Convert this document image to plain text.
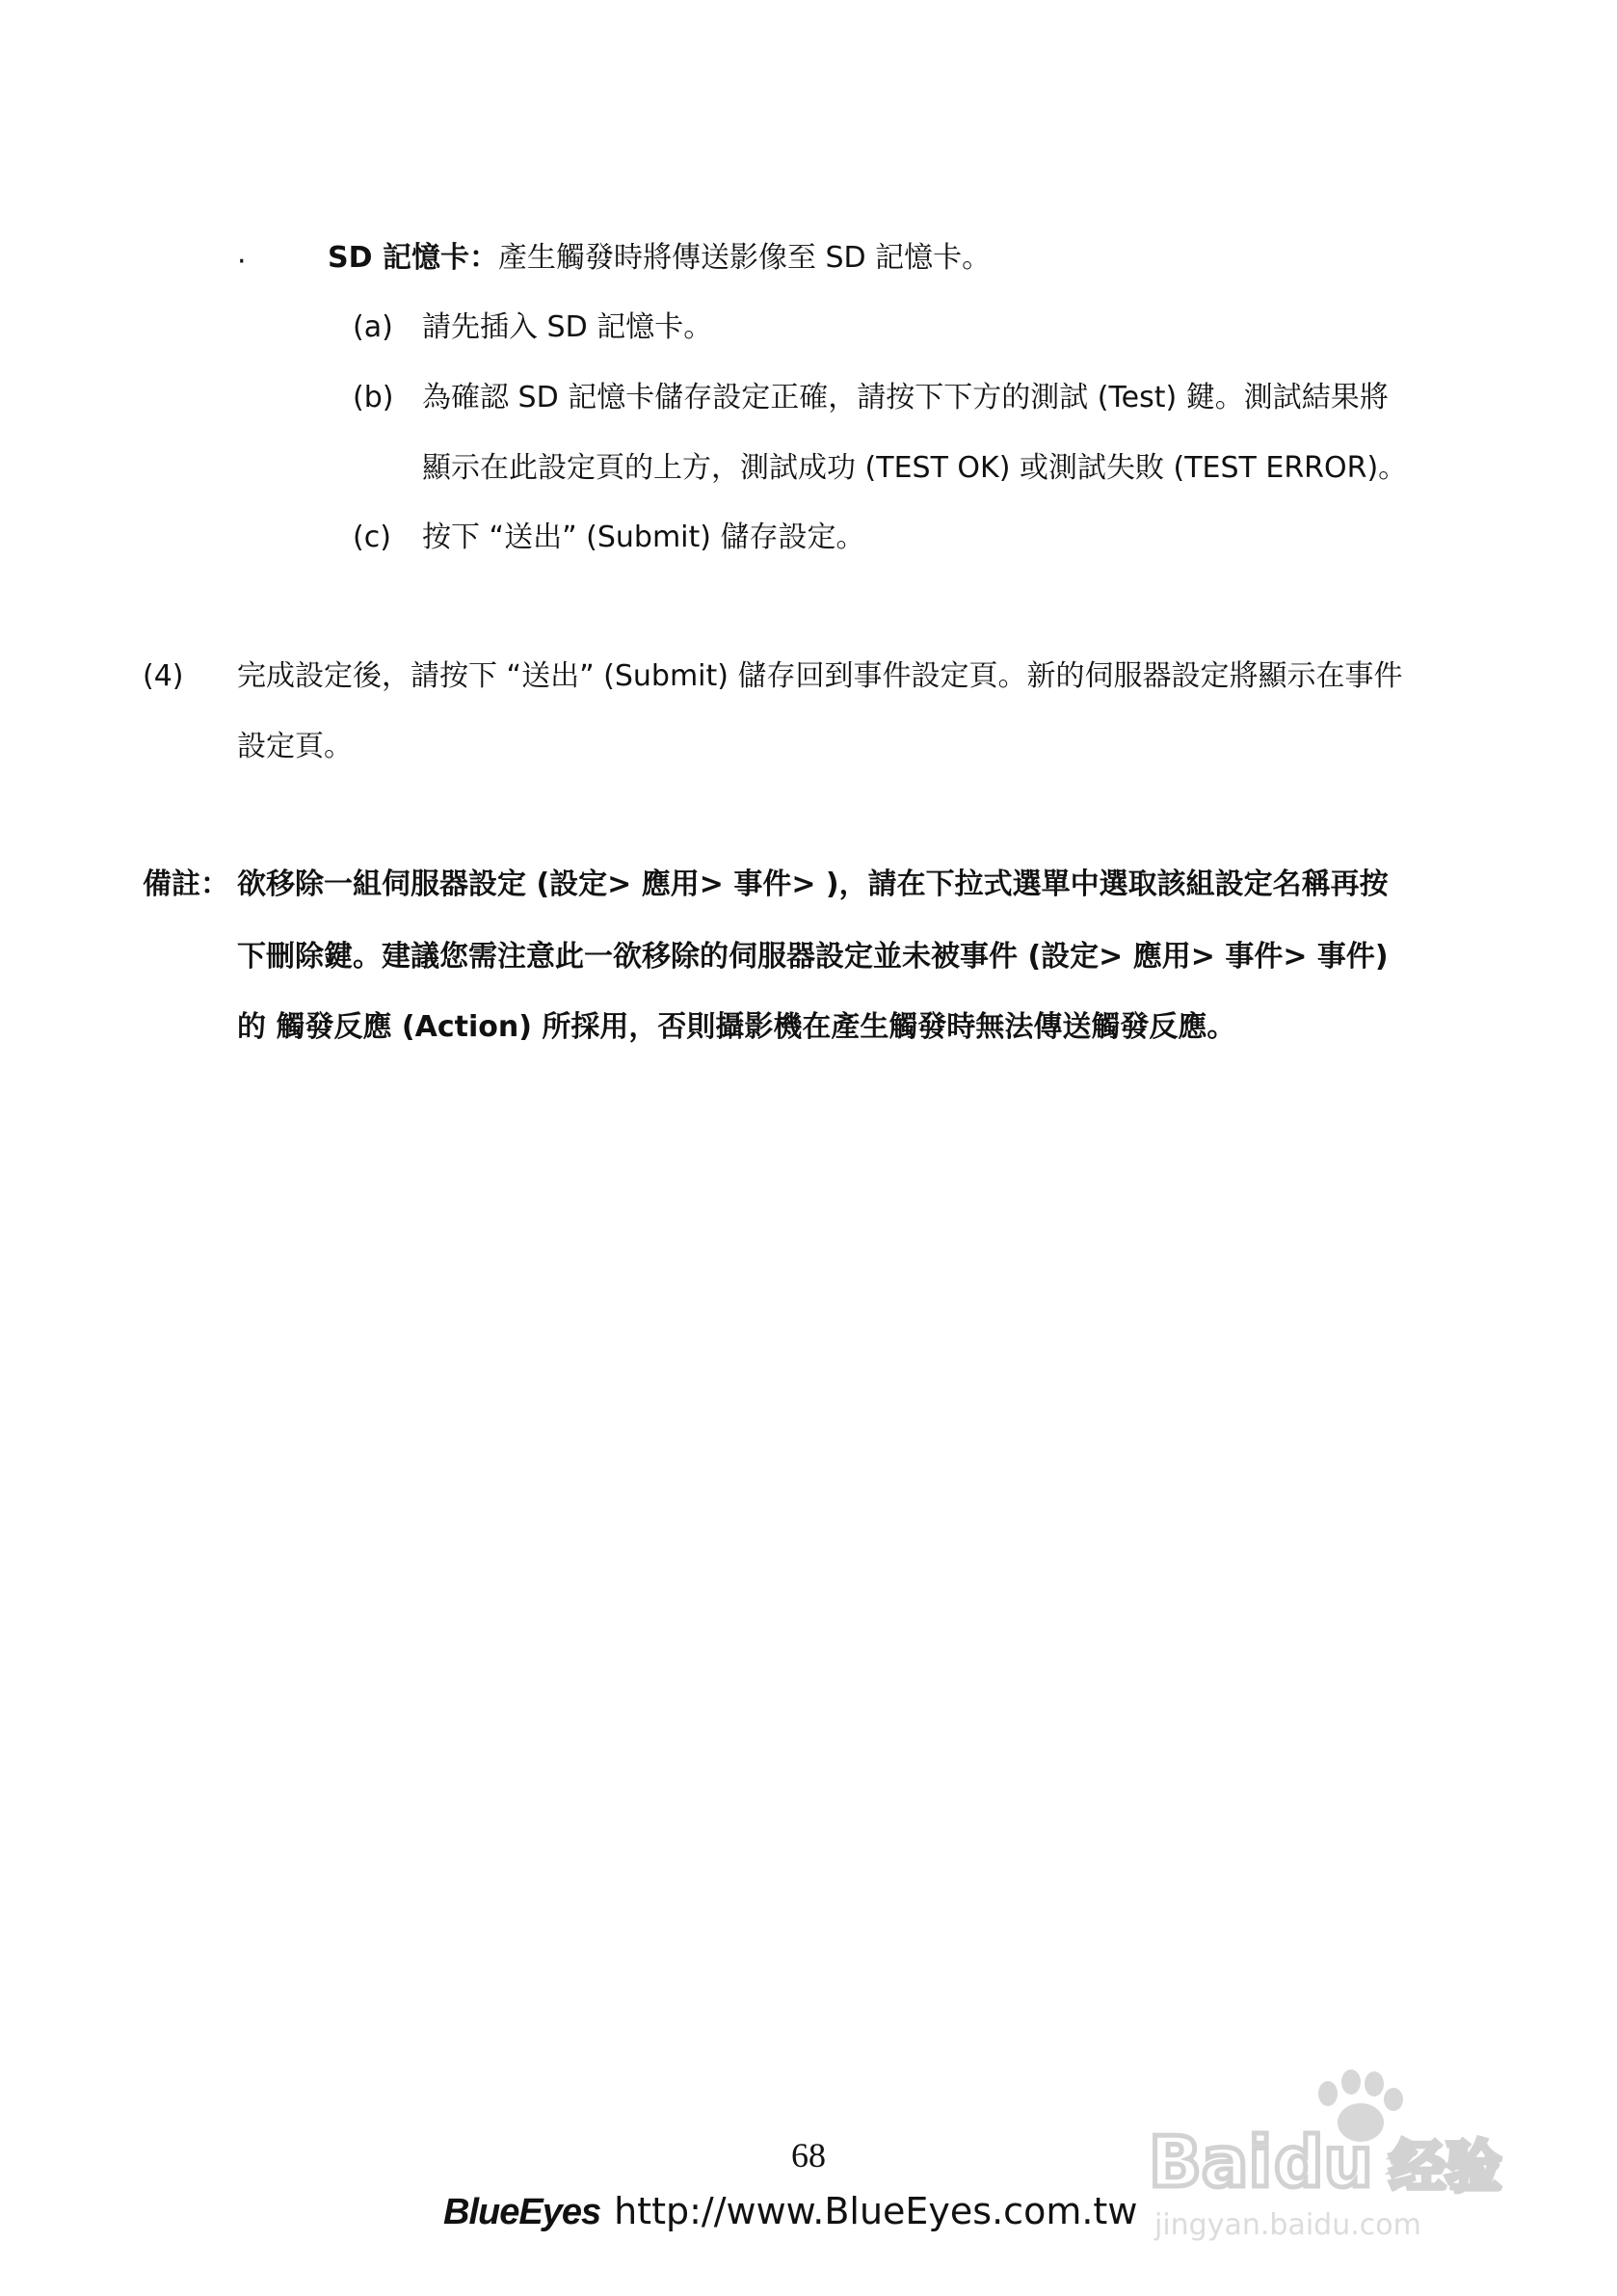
·	SD 記憶卡：產生觸發時將傳送影像至 SD 記憶卡。
(a) 請先插入 SD 記憶卡。
(b) 為確認 SD 記憶卡儲存設定正確，請按下下方的測試 (Test) 鍵。測試結果將
顯示在此設定頁的上方，測試成功 (TEST OK) 或測試失敗 (TEST ERROR)。
(c) 按下 “送出” (Submit) 儲存設定。
(4) 完成設定後，請按下 “送出” (Submit) 儲存回到事件設定頁。新的伺服器設定將顯示在事件
設定頁。
備註： 欲移除一組伺服器設定 (設定> 應用> 事件> )，請在下拉式選單中選取該組設定名稱再按
下刪除鍵。建議您需注意此一欲移除的伺服器設定並未被事件 (設定> 應用> 事件> 事件)
的 觸發反應 (Action) 所採用，否則攝影機在產生觸發時無法傳送觸發反應。
68
BlueEyes http://www.BlueEyes.com.tw
Bai du 经验
jingyan.baidu.com
